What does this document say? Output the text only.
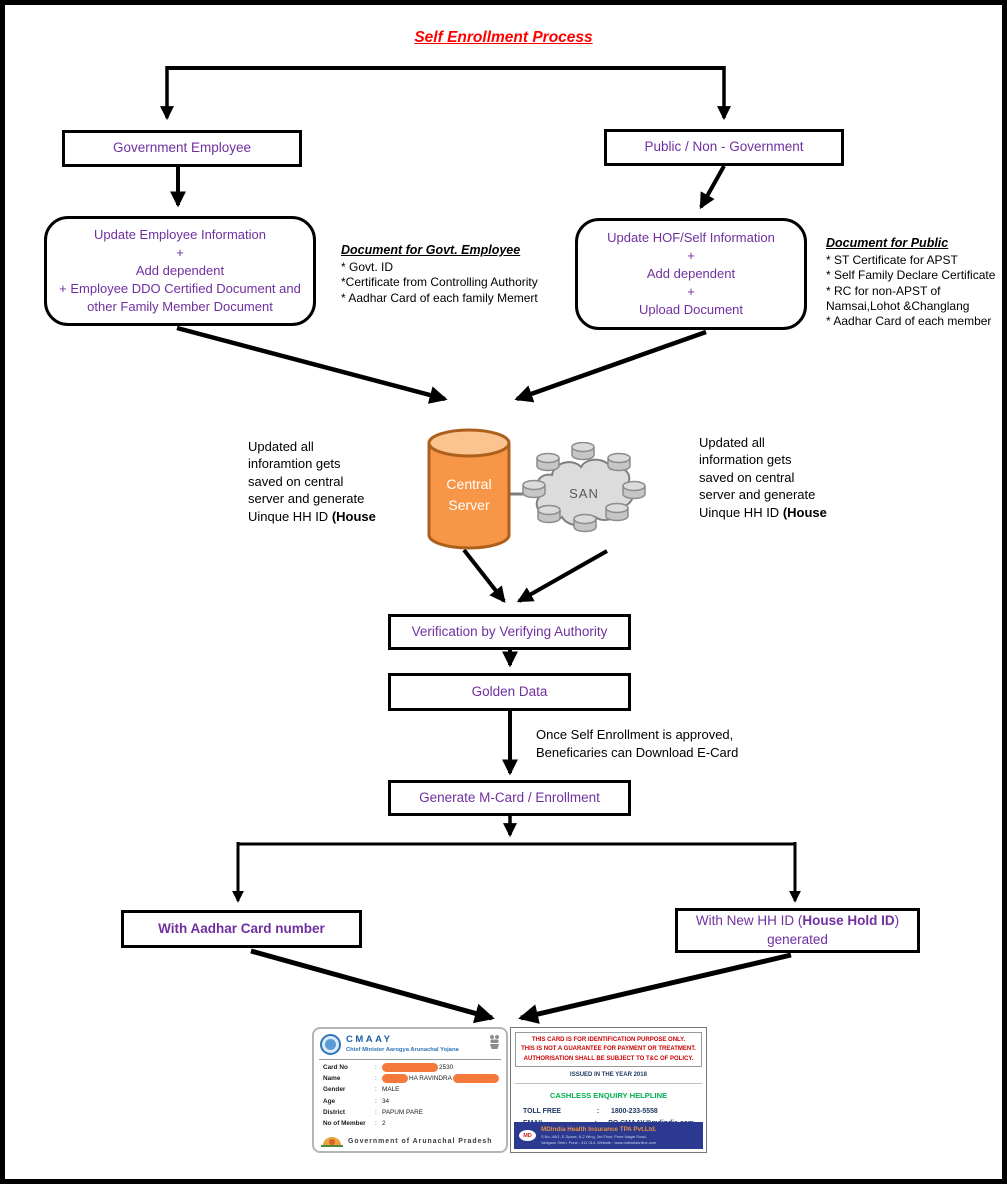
Self Enrollment Process
Government Employee	Public / Non - Government
Update Employee Information
+
Add dependent
+ Employee DDO Certified Document and
other Family Member Document
Update HOF/Self Information
+
Add dependent
+
Upload Document
Document for Govt. Employee
* Govt. ID
*Certificate from Controlling Authority
* Aadhar Card of each family Memert
Document for Public
* ST Certificate for APST
* Self Family Declare Certificate
* RC for non-APST of
Namsai,Lohot &Changlang
* Aadhar Card of each member
Updated all
inforamtion gets
saved on central
server and generate
Uinque HH ID (House
Updated all
information gets
saved on central
server and generate
Uinque HH ID (House
Central
Server
SAN
Verification by Verifying Authority
Golden Data
Once Self Enrollment is approved,
Beneficaries can Download E-Card
Generate M-Card / Enrollment
With Aadhar Card number
With New HH ID (House Hold ID)
generated
CMAAY
Chief Minister Aarogya Arunachal Yojana
Card No	:	2530
Name	:	HA RAVINDRA
Gender	: MALE
Age	: 34
District	: PAPUM PARE
No of Member	: 2
Government of Arunachal Pradesh
THIS CARD IS FOR IDENTIFICATION PURPOSE ONLY.
THIS IS NOT A GUARANTEE FOR PAYMENT OR TREATMENT.
AUTHORISATION SHALL BE SUBJECT TO T&C OF POLICY.
ISSUED IN THE YEAR 2018
CASHLESS ENQUIRY HELPLINE
TOLL FREE	:	1800-233-5558
MD
MDIndia Health Insurance TPA Pvt.Ltd.
S.No.-46/1, E-Space, A-2 Wing, 3rd Floor, Pune-Nagar Road,
Vadgaon Sheri, Pune - 411 014. Website : www.mdindiaonline.com
